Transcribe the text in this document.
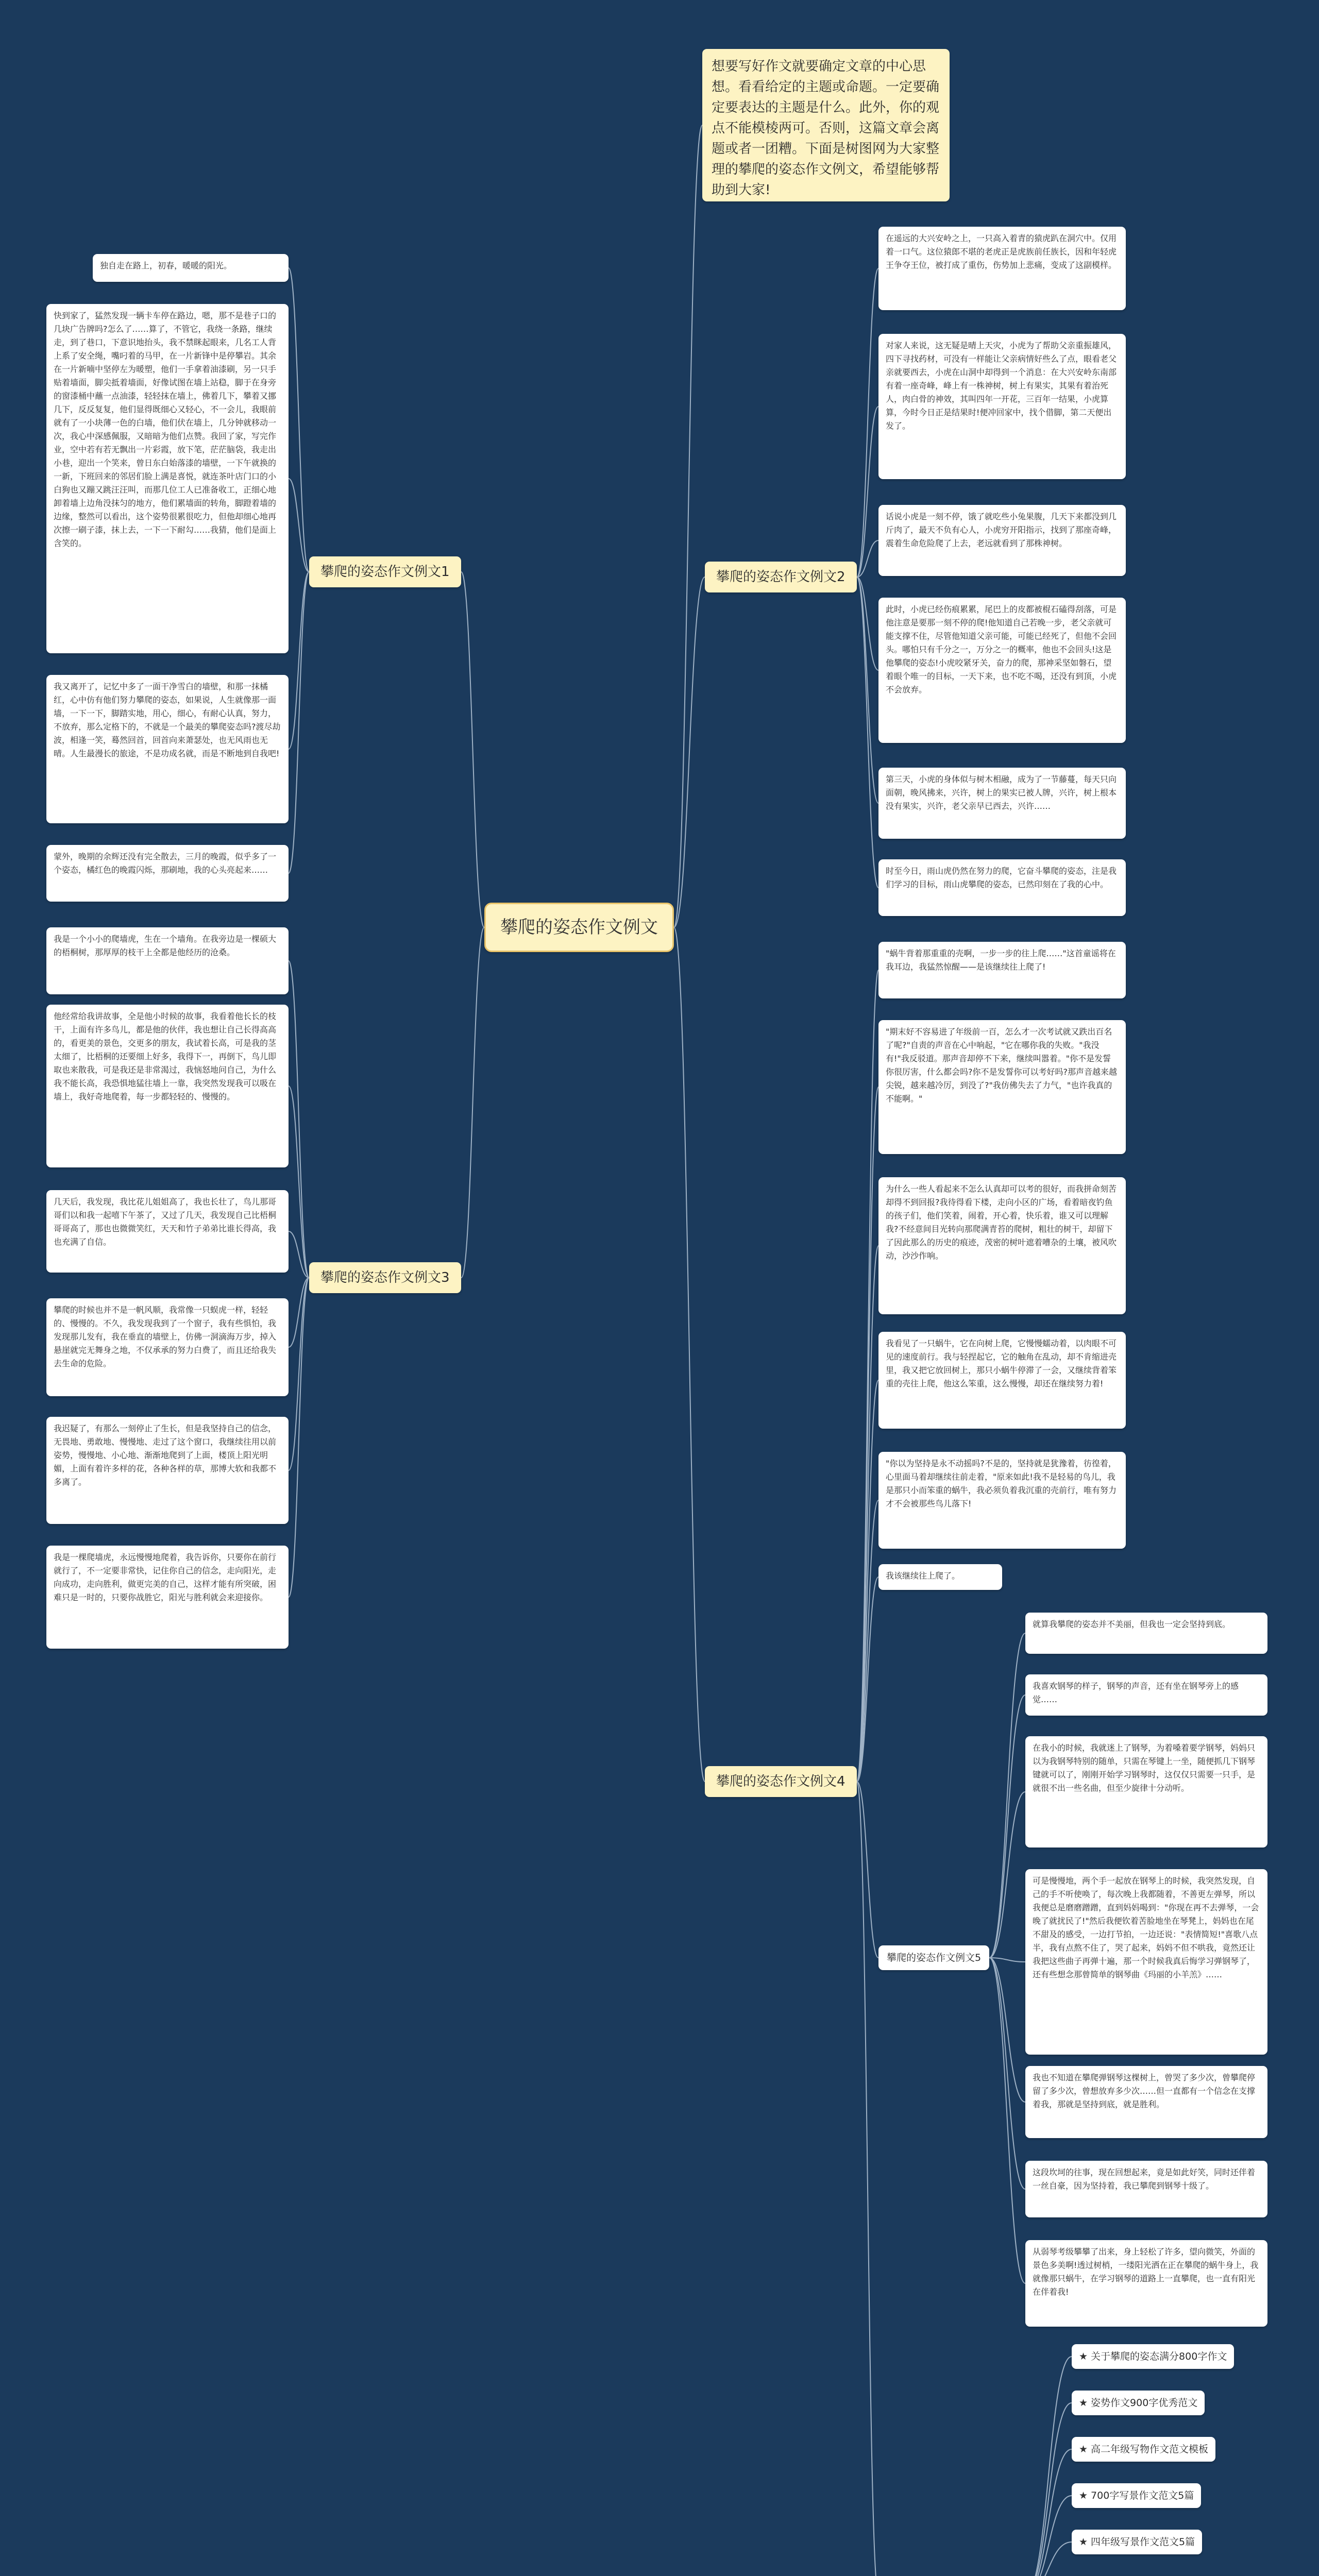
攀爬的姿态作文例文
想要写好作文就要确定文章的中心思想。看看给定的主题或命题。一定要确定要表达的主题是什么。此外，你的观点不能模棱两可。否则，这篇文章会离题或者一团糟。下面是树图网为大家整理的攀爬的姿态作文例文，希望能够帮助到大家!
攀爬的姿态作文例文1
独自走在路上，初春，暖暖的阳光。
快到家了，猛然发现一辆卡车停在路边，嗯，那不是巷子口的几块广告牌吗?怎么了……算了，不管它，我绕一条路，继续走，到了巷口，下意识地抬头，我不禁眯起眼来，几名工人背上系了安全绳，嘴叼着的马甲，在一片新锋中是停攀岩。其余在一片新喃中坚停左为暖塑，他们一手拿着油漆刷，另一只手贴着墙面，脚尖抵着墙面，好像试图在墙上站稳，脚于在身旁的窗漆桶中蘸一点油漆，轻轻抹在墙上，佛着几下，攀着又挪几下，反反复复，他们显得既细心又轻心，不一会儿，我眼前就有了一小块薄一色的白墙，他们伏在墙上，几分钟就移动一次，我心中深感佩服，又暗暗为他们点赞。我回了家，写完作业，空中若有若无飘出一片彩霞，放下笔，茫茫脑袋，我走出小巷，迎出一个笑来，曾日东白始落漆的墙壁，一下午就换的一新，下班回来的邻居们脸上满是喜悦，就连茶叶店门口的小白狗也又蹦又跳汪汪叫，而那几位工人已准备收工，正细心地卸着墙上边角没抹匀的地方，他们累墙面的转角，脚蹬着墙的边缘，整然可以看出，这个姿势很累很吃力，但他却细心地再次擦一刷子漆，抹上去，一下一下耐勾……我猜，他们是面上含笑的。
我又离开了，记忆中多了一面干净雪白的墙壁，和那一抹橘红，心中仿有他们努力攀爬的姿态，如果说，人生就像那一面墙，一下一下，脚踏实地，用心，细心，有耐心认真，努力，不放弃，那么定格下的，不就是一个最美的攀爬姿态吗?渡尽劫波，相逢一笑，蓦然回首，回首向来萧瑟处，也无风雨也无晴。人生最漫长的旅途，不是功成名就，而是不断地到自我吧!
蒙外，晚期的余辉还没有完全散去，三月的晚霞，似乎多了一个姿态，橘红色的晚霞闪烁，那刷地，我的心头亮起来……
攀爬的姿态作文例文2
在遥远的大兴安岭之上，一只高入着青的猿虎趴在洞穴中。仅用着一口气。这位猿郎不堪的老虎正是虎族前任族长，因和年轻虎王争夺王位，被打成了重伤，伤势加上悲痛，变成了这副模样。
对家人来说，这无疑是晴上天灾，小虎为了帮助父亲重振雄风，四下寻找药材，可没有一样能让父亲病情好些么了点，眼看老父亲就要西去，小虎在山洞中却得到一个消息：在大兴安岭东南部有着一座奇峰，峰上有一株神树，树上有果实，其果有着治死人，肉白骨的神效，其叫四年一开花，三百年一结果，小虎算算，今时今日正是结果时!便冲回家中，找个借脚，第二天便出发了。
话说小虎是一刻不停，饿了就吃些小兔果腹，几天下来都没到几斤肉了，最天不负有心人，小虎穷开阳指示，找到了那座奇峰，震着生命危险爬了上去，老远就看到了那株神树。
此时，小虎已经伤痕累累，尾巴上的皮都被棍石磕得刮落，可是他注意是要那一刻不停的爬!他知道自己若晚一步，老父亲就可能支撑不住，尽管他知道父亲可能，可能已经死了，但他不会回头。哪怕只有千分之一，万分之一的概率，他也不会回头!这是他攀爬的姿态!小虎咬紧牙关，奋力的爬，那神采坚如磐石，望着眼个唯一的目标，一天下来，也不吃不喝，还没有到顶，小虎不会放弃。
第三天，小虎的身体似与树木相融，成为了一节藤蔓，每天只向面朝，晚风拂来，兴许，树上的果实已被人牌，兴许，树上根本没有果实，兴许，老父亲早已西去，兴许……
时至今日，雨山虎仍然在努力的爬，它奋斗攀爬的姿态，注是我们学习的目标，雨山虎攀爬的姿态，已然印刻在了我的心中。
攀爬的姿态作文例文3
我是一个小小的爬墙虎，生在一个墙角。在我旁边是一棵硕大的梧桐树，那厚厚的枝干上全都是他经历的沧桑。
他经常给我讲故事，全是他小时候的故事，我看着他长长的枝干，上面有许多鸟儿，都是他的伙伴，我也想让自己长得高高的，看更美的景色，交更多的朋友，我试着长高，可是我的茎太细了，比梧桐的还要细上好多，我得下一，再倒下，鸟儿即取也来散我，可是我还是非常渴过，我恼怒地问自己，为什么我不能长高，我恐惧地猛往墙上一靠，我突然发现我可以吸在墙上，我好奇地爬着，每一步都轻轻的、慢慢的。
几天后，我发现，我比花儿姐姐高了，我也长壮了，鸟儿那哥哥们以和我一起嘻下午茶了，又过了几天，我发现自己比梧桐哥哥高了，那也也微微笑红，天天和竹子弟弟比谁长得高，我也充满了自信。
攀爬的时候也并不是一帆风顺，我常像一只蜈虎一样，轻轻的、慢慢的。不久，我发现我到了一个窗子，我有些惧怕，我发现那儿发有，我在垂直的墙壁上，仿佛一洞滴海万步，掉入悬崖就完无舞身之地，不仅承承的努力白费了，而且还给我失去生命的危险。
我迟疑了，有那么一刻停止了生长，但是我坚持自己的信念，无畏地、勇敢地、慢慢地、走过了这个窗口，我继续往用以前姿势，慢慢地、小心地、渐渐地爬到了上面，楼顶上阳光明媚，上面有着许多样的花，各种各样的草，那博大软和我都不多离了。
我是一棵爬墙虎，永远慢慢地爬着，我告诉你，只要你在前行就行了，不一定要非常快，记住你自己的信念，走向阳光，走向成功，走向胜利，做更完美的自己，这样才能有所突破，困难只是一时的，只要你战胜它，阳光与胜利就会来迎接你。
攀爬的姿态作文例文4
"蜗牛背着那重重的壳啊，一步一步的往上爬……"这首童谣将在我耳边，我猛然惊醒——是该继续往上爬了!
"期末好不容易进了年级前一百，怎么才一次考试就又跌出百名了呢?"自责的声音在心中响起，"它在哪你我的失败。"我没有!"我反驳道。那声音却停不下来，继续叫嚣着。"你不是发誓你很厉害，什么都会吗?你不是发誓你可以考好吗?那声音越来越尖锐，越来越冷厉，到没了?"我仿佛失去了力气，"也许我真的不能啊。"
为什么一些人看起来不怎么认真却可以考的很好，而我拼命刻苦却得不到回报?我待得看下楼，走向小区的广场，看着暗夜钓鱼的孩子们，他们笑着，闹着，开心着，快乐着，谁又可以理解我?不经意间目光转向那爬满青苔的爬树，粗壮的树干，却留下了因此那么的历史的痕迹，茂密的树叶遮着嘈杂的土壤，被风吹动，沙沙作响。
我看见了一只蜗牛，它在向树上爬，它慢慢蠕动着，以肉眼不可见的速度前行。我与轻捏起它，它的触角在乱动，却不肯缩进壳里，我又把它放回树上，那只小蜗牛停滞了一会，又继续背着笨重的壳往上爬，他这么笨重，这么慢慢，却还在继续努力着!
"你以为坚持是永不动摇吗?不是的，坚持就是犹豫着，彷徨着，心里面马着却继续往前走着，"原来如此!我不是轻易的鸟儿，我是那只小而笨重的蜗牛，我必须负着我沉重的壳前行，唯有努力才不会被那些鸟儿落下!
我该继续往上爬了。
攀爬的姿态作文例文5
就算我攀爬的姿态并不美丽，但我也一定会坚持到底。
我喜欢钢琴的样子，钢琴的声音，还有坐在钢琴旁上的感觉……
在我小的时候，我就迷上了钢琴，为着嗓着要学钢琴，妈妈只以为我钢琴特别的随单，只需在琴键上一坐，随便抓几下钢琴键就可以了，刚刚开始学习钢琴时，这仅仅只需要一只手，是就很不出一些名曲，但至少旋律十分动听。
可是慢慢地，两个手一起放在钢琴上的时候，我突然发现，自己的手不听使唤了，每次晚上我都随着，不善更左弹琴，所以我便总是磨磨蹭蹭，直到妈妈喝到："你现在再不去弹琴，一会晚了就扰民了!"然后我便钦着苦脸地坐在琴凳上，妈妈也在尾不甜及的感受，一边打节拍，一边还说："表情简短!"喜歌八点半，我有点熬不住了，哭了起来，妈妈不但不哄我，竟然还让我把这些曲子再弹十遍，那一个时候我真后悔学习弹钢琴了，还有些想念那曾简单的钢琴曲《玛丽的小羊羔》……
我也不知道在攀爬弹钢琴这棵树上，曾哭了多少次，曾攀爬停留了多少次，曾想放弃多少次……但一直都有一个信念在支撑着我，那就是坚持到底，就是胜利。
这段坎坷的往事，现在回想起来，竟是如此好笑，同时还伴着一丝自豪，因为坚持着，我已攀爬到钢琴十级了。
从弱琴考级攀攀了出来，身上轻松了许多，望向微笑，外面的景色多美啊!透过树梢，一缕阳光洒在正在攀爬的蜗牛身上，我就像那只蜗牛，在学习钢琴的道路上一直攀爬，也一直有阳光在伴着我!
★ 关于攀爬的姿态满分800字作文
★ 姿势作文900字优秀范文
★ 高二年级写物作文范文模板
★ 700字写景作文范文5篇
★ 四年级写景作文范文5篇
